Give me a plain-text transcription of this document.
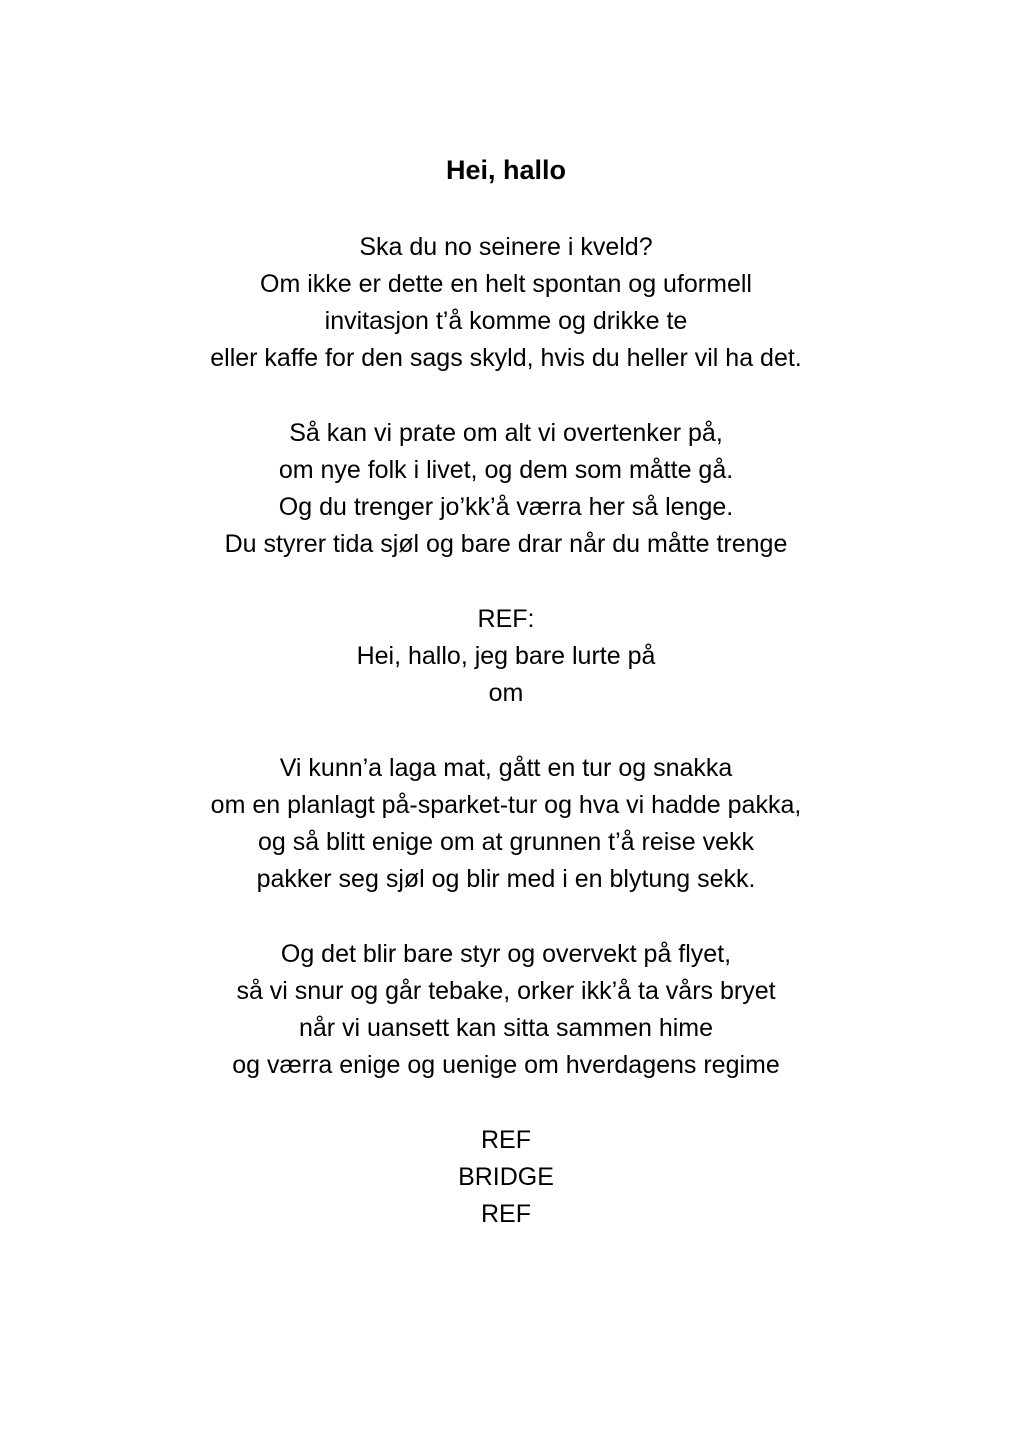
Hei, hallo
Ska du no seinere i kveld?
Om ikke er dette en helt spontan og uformell
invitasjon t’å komme og drikke te
eller kaffe for den sags skyld, hvis du heller vil ha det.
Så kan vi prate om alt vi overtenker på,
om nye folk i livet, og dem som måtte gå.
Og du trenger jo’kk’å værra her så lenge.
Du styrer tida sjøl og bare drar når du måtte trenge
REF:
Hei, hallo, jeg bare lurte på
om
Vi kunn’a laga mat, gått en tur og snakka
om en planlagt på-sparket-tur og hva vi hadde pakka,
og så blitt enige om at grunnen t’å reise vekk
pakker seg sjøl og blir med i en blytung sekk.
Og det blir bare styr og overvekt på flyet,
så vi snur og går tebake, orker ikk’å ta vårs bryet
når vi uansett kan sitta sammen hime
og værra enige og uenige om hverdagens regime
REF
BRIDGE
REF
